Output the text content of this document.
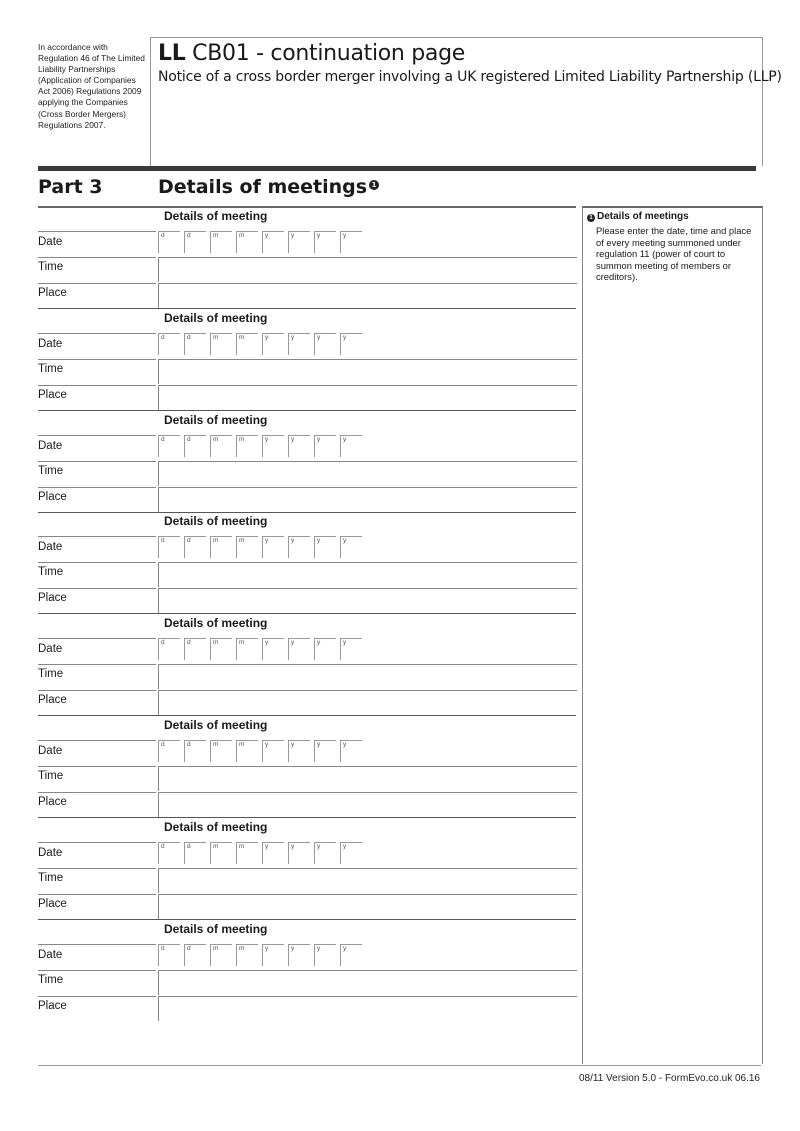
In accordance with Regulation 46 of The Limited Liability Partnerships (Application of Companies Act 2006) Regulations 2009 applying the Companies (Cross Border Mergers) Regulations 2007.
LL CB01 - continuation page
Notice of a cross border merger involving a UK registered Limited Liability Partnership (LLP)
Part 3	Details of meetings 1
1 Details of meetings
Please enter the date, time and place of every meeting summoned under regulation 11 (power of court to summon meeting of members or creditors).
Details of meeting
Date
d	d	m	m	y	y	y	y
Time
Place
Details of meeting
Date
d	d	m	m	y	y	y	y
Time
Place
Details of meeting
Date
d	d	m	m	y	y	y	y
Time
Place
Details of meeting
Date
d	d	m	m	y	y	y	y
Time
Place
Details of meeting
Date
d	d	m	m	y	y	y	y
Time
Place
Details of meeting
Date
d	d	m	m	y	y	y	y
Time
Place
Details of meeting
Date
d	d	m	m	y	y	y	y
Time
Place
Details of meeting
Date
d	d	m	m	y	y	y	y
Time
Place
08/11 Version 5.0 - FormEvo.co.uk 06.16
